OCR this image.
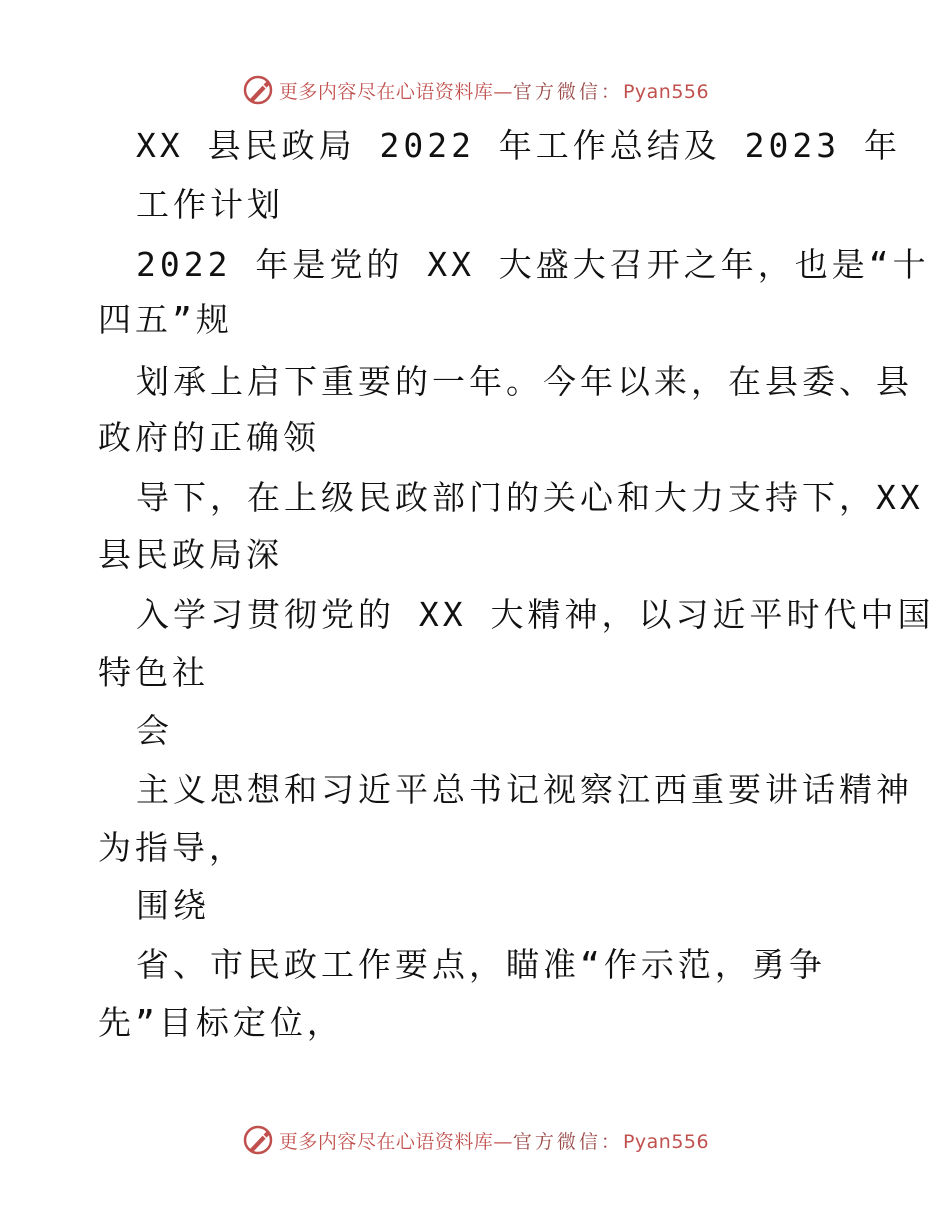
更多内容尽在心语资料库—官方微信：Pyan556
XX 县民政局 2022 年工作总结及 2023 年
工作计划
2022 年是党的 XX 大盛大召开之年，也是“十
四五”规
划承上启下重要的一年。今年以来，在县委、县
政府的正确领
导下，在上级民政部门的关心和大力支持下，XX
县民政局深
入学习贯彻党的 XX 大精神，以习近平时代中国
特色社
会
主义思想和习近平总书记视察江西重要讲话精神
为指导，
围绕
省、市民政工作要点，瞄准“作示范，勇争
先”目标定位，
更多内容尽在心语资料库—官方微信：Pyan556
